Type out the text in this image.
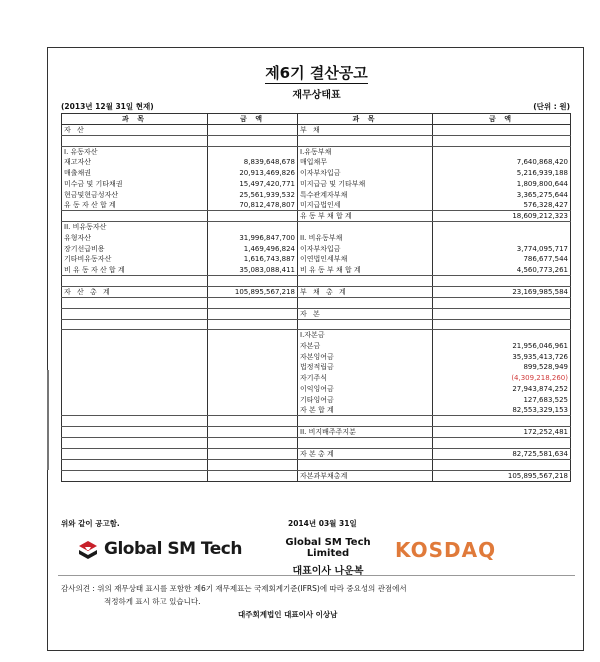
제6기 결산공고
재무상태표
(2013년 12월 31일 현재)	(단위 : 원)
과 목	금 액	과 목	금 액
자 산		부 채	

I. 유동자산		I.유동부채	
재고자산	8,839,648,678	매입채무	7,640,868,420
매출채권	20,913,469,826	이자부차입금	5,216,939,188
미수금 및 기타채권	15,497,420,771	미지급금 및 기타부채	1,809,800,644
현금및현금성자산	25,561,939,532	특수관계자부채	3,365,275,644
유 동 자 산 합 계	70,812,478,807	미지급법인세	576,328,427
		유 동 부 채 합 계	18,609,212,323
II. 비유동자산			
유형자산	31,996,847,700	II. 비유동부채	
장기선급비용	1,469,496,824	이자부차입금	3,774,095,717
기타비유동자산	1,616,743,887	이연법인세부채	786,677,544
비 유 동 자 산 합 계	35,083,088,411	비 유 동 부 채 합 계	4,560,773,261

자 산 총 계	105,895,567,218	부 채 총 계	23,169,985,584

		자 본	

		I.자본금	
		자본금	21,956,046,961
		자본잉여금	35,935,413,726
		법정적립금	899,528,949
		자기주식	(4,309,218,260)
		이익잉여금	27,943,874,252
		기타잉여금	127,683,525
		자 본 합 계	82,553,329,153

		II. 비지배주주지분	172,252,481

		자 본 총 계	82,725,581,634

		자본과부채총계	105,895,567,218
위와 같이 공고함.	2014년 03월 31일
Global SM Tech	Global SM Tech Limited
대표이사 나운복
KOSDAQ
감사의견 : 위의 재무상태 표시를 포함한 제6기 재무제표는 국제회계기준(IFRS)에 따라 중요성의 관점에서
적정하게 표시 하고 있습니다.
대주회계법인 대표이사 이상남
